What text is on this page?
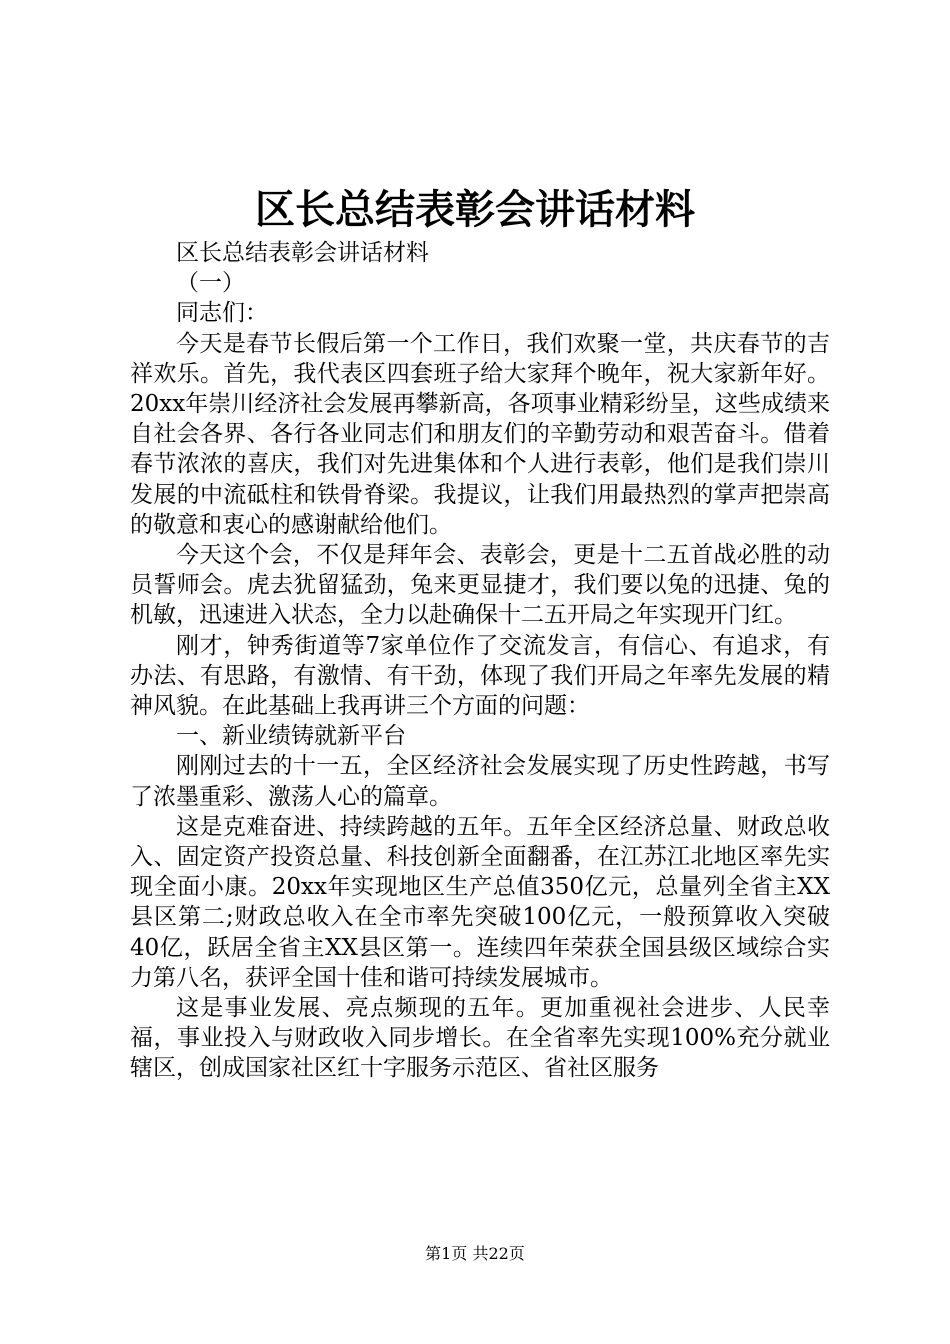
区长总结表彰会讲话材料

区长总结表彰会讲话材料

（一）

同志们：

今天是春节长假后第一个工作日，我们欢聚一堂，共庆春节的吉祥欢乐。首先，我代表区四套班子给大家拜个晚年，祝大家新年好。20xx年崇川经济社会发展再攀新高，各项事业精彩纷呈，这些成绩来自社会各界、各行各业同志们和朋友们的辛勤劳动和艰苦奋斗。借着春节浓浓的喜庆，我们对先进集体和个人进行表彰，他们是我们崇川发展的中流砥柱和铁骨脊梁。我提议，让我们用最热烈的掌声把崇高的敬意和衷心的感谢献给他们。

今天这个会，不仅是拜年会、表彰会，更是十二五首战必胜的动员誓师会。虎去犹留猛劲，兔来更显捷才，我们要以兔的迅捷、兔的机敏，迅速进入状态，全力以赴确保十二五开局之年实现开门红。

刚才，钟秀街道等7家单位作了交流发言，有信心、有追求，有办法、有思路，有激情、有干劲，体现了我们开局之年率先发展的精神风貌。在此基础上我再讲三个方面的问题：

一、新业绩铸就新平台

刚刚过去的十一五，全区经济社会发展实现了历史性跨越，书写了浓墨重彩、激荡人心的篇章。

这是克难奋进、持续跨越的五年。五年全区经济总量、财政总收入、固定资产投资总量、科技创新全面翻番，在江苏江北地区率先实现全面小康。20xx年实现地区生产总值350亿元，总量列全省主XX县区第二;财政总收入在全市率先突破100亿元，一般预算收入突破40亿，跃居全省主XX县区第一。连续四年荣获全国县级区域综合实力第八名，获评全国十佳和谐可持续发展城市。

这是事业发展、亮点频现的五年。更加重视社会进步、人民幸福，事业投入与财政收入同步增长。在全省率先实现100%充分就业辖区，创成国家社区红十字服务示范区、省社区服务

第1页 共22页
